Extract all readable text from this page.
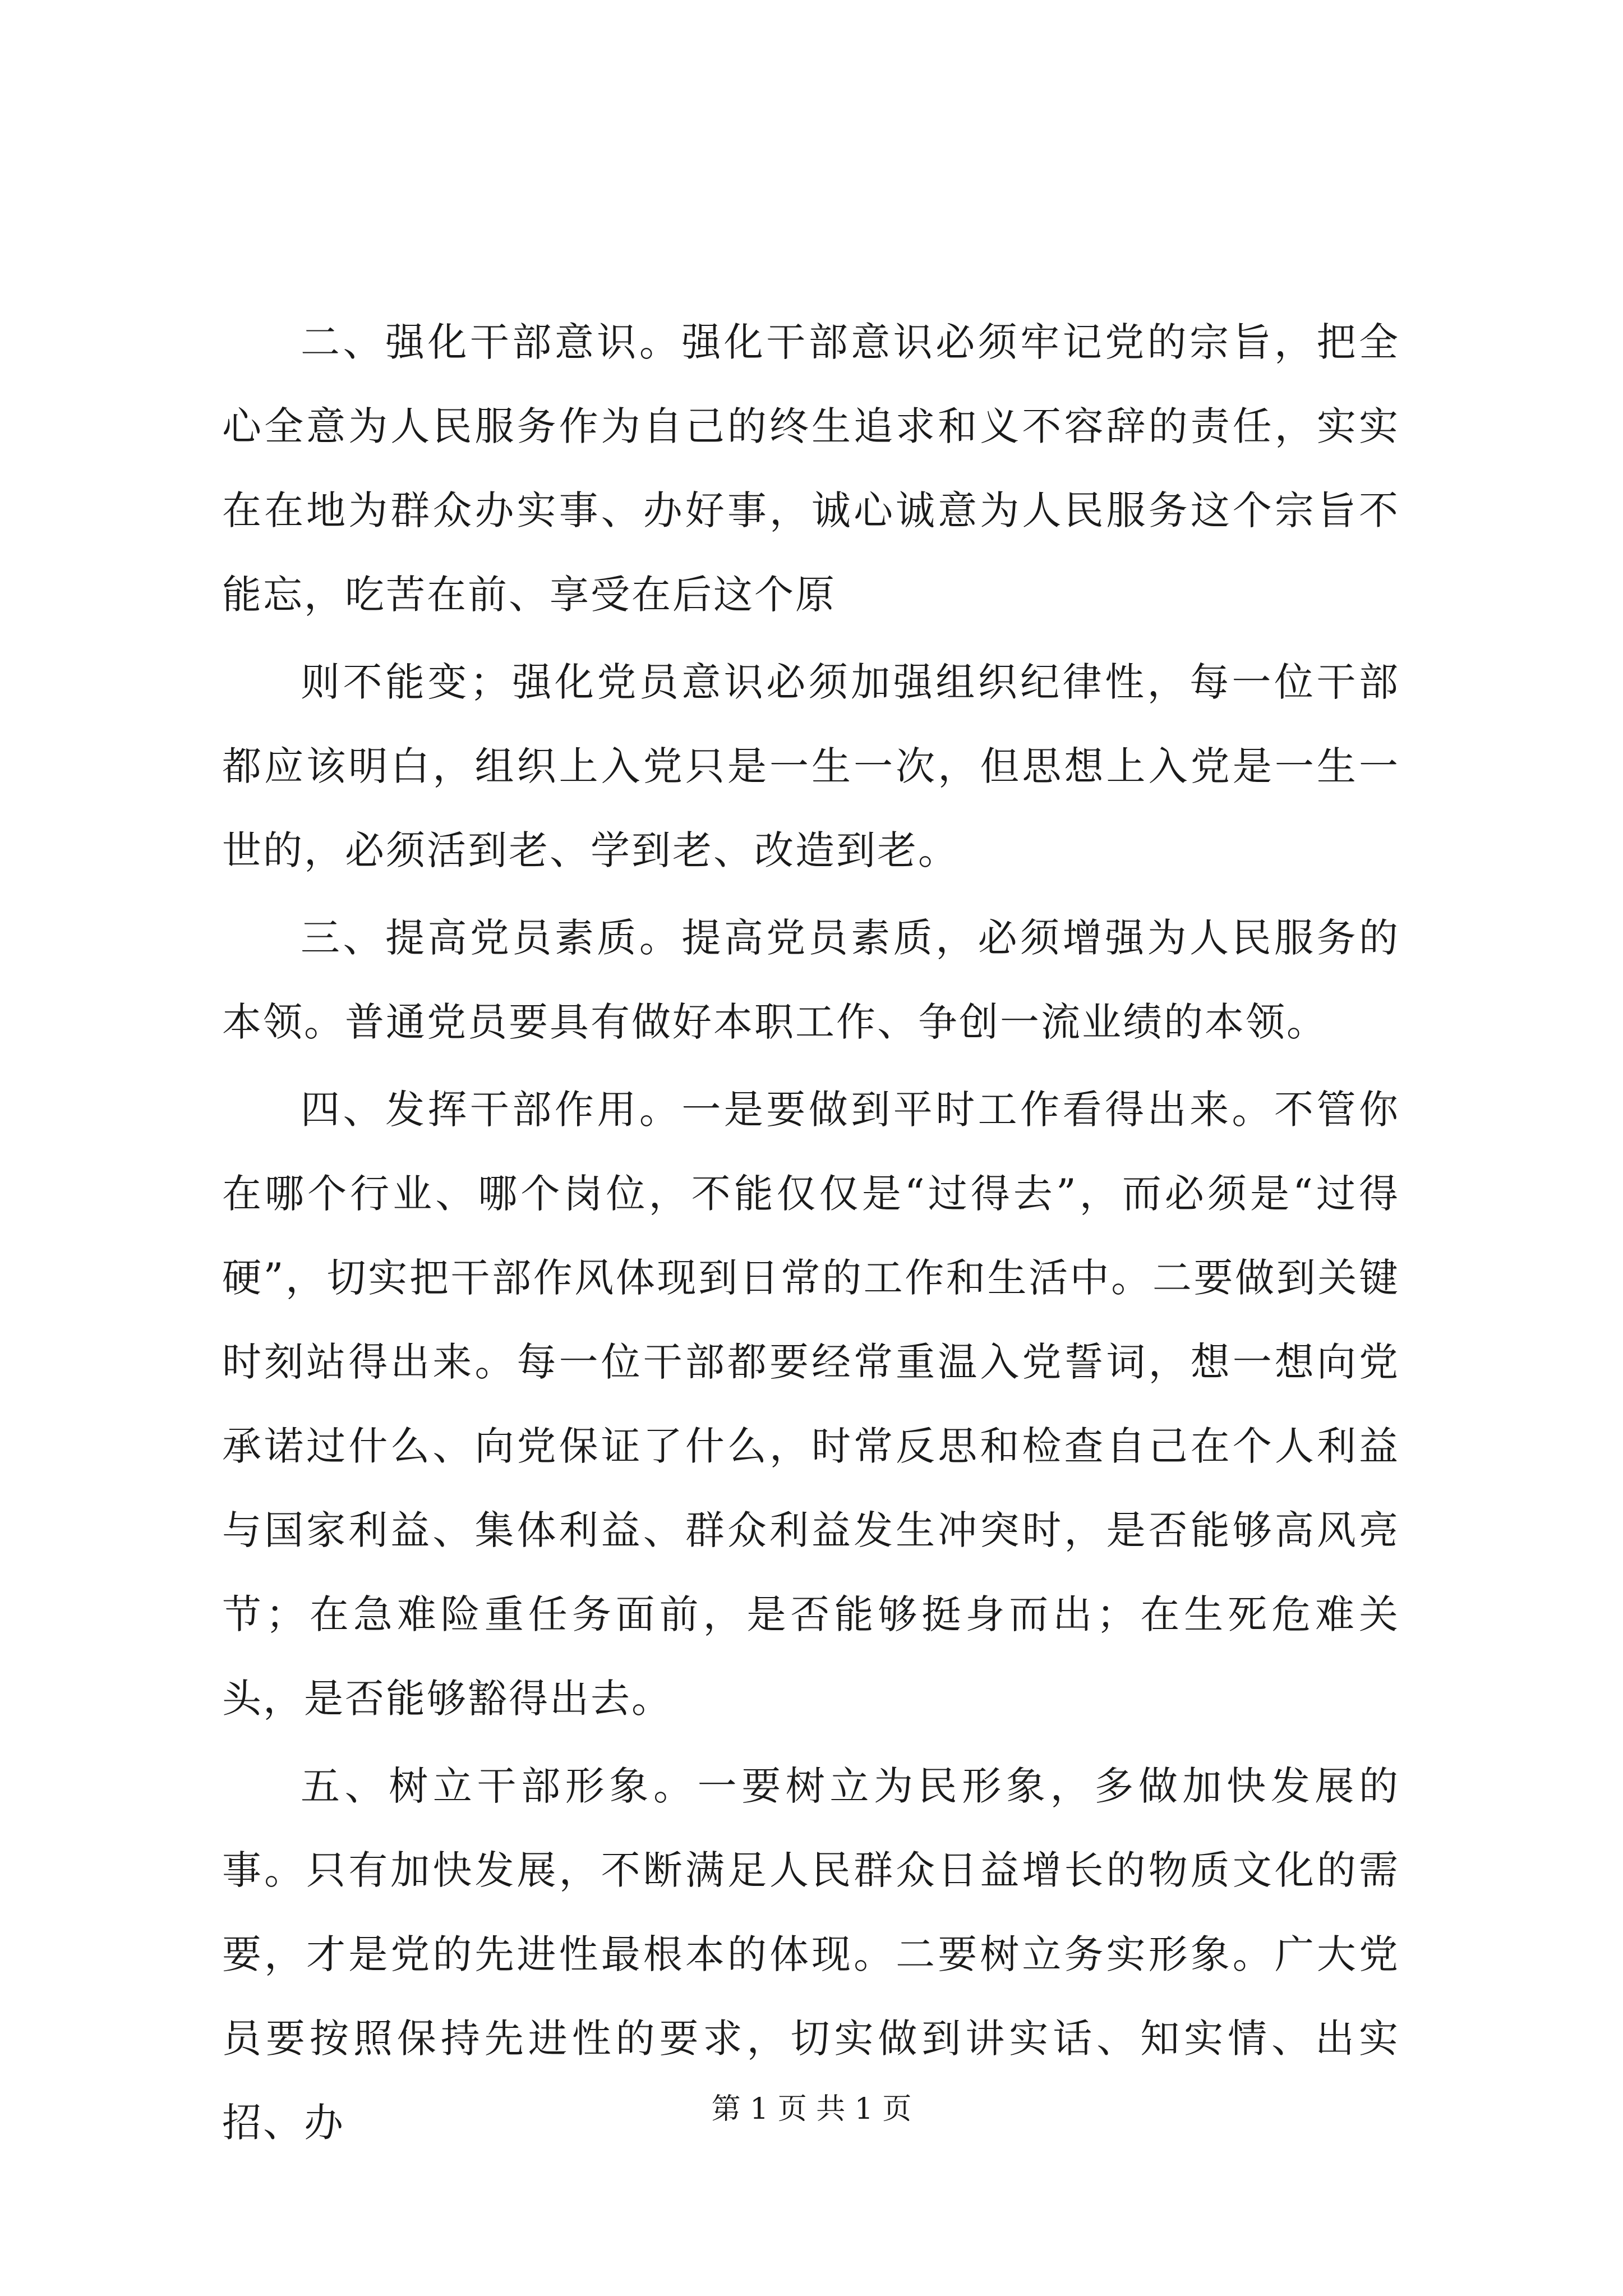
二、强化干部意识。强化干部意识必须牢记党的宗旨，把全心全意为人民服务作为自己的终生追求和义不容辞的责任，实实在在地为群众办实事、办好事，诚心诚意为人民服务这个宗旨不能忘，吃苦在前、享受在后这个原

则不能变；强化党员意识必须加强组织纪律性，每一位干部都应该明白，组织上入党只是一生一次，但思想上入党是一生一世的，必须活到老、学到老、改造到老。

三、提高党员素质。提高党员素质，必须增强为人民服务的本领。普通党员要具有做好本职工作、争创一流业绩的本领。

四、发挥干部作用。一是要做到平时工作看得出来。不管你在哪个行业、哪个岗位，不能仅仅是“过得去”，而必须是“过得硬”，切实把干部作风体现到日常的工作和生活中。二要做到关键时刻站得出来。每一位干部都要经常重温入党誓词，想一想向党承诺过什么、向党保证了什么，时常反思和检查自己在个人利益与国家利益、集体利益、群众利益发生冲突时，是否能够高风亮节；在急难险重任务面前，是否能够挺身而出；在生死危难关头，是否能够豁得出去。

五、树立干部形象。一要树立为民形象，多做加快发展的事。只有加快发展，不断满足人民群众日益增长的物质文化的需要，才是党的先进性最根本的体现。二要树立务实形象。广大党员要按照保持先进性的要求，切实做到讲实话、知实情、出实招、办	第 1 页 共 1 页
